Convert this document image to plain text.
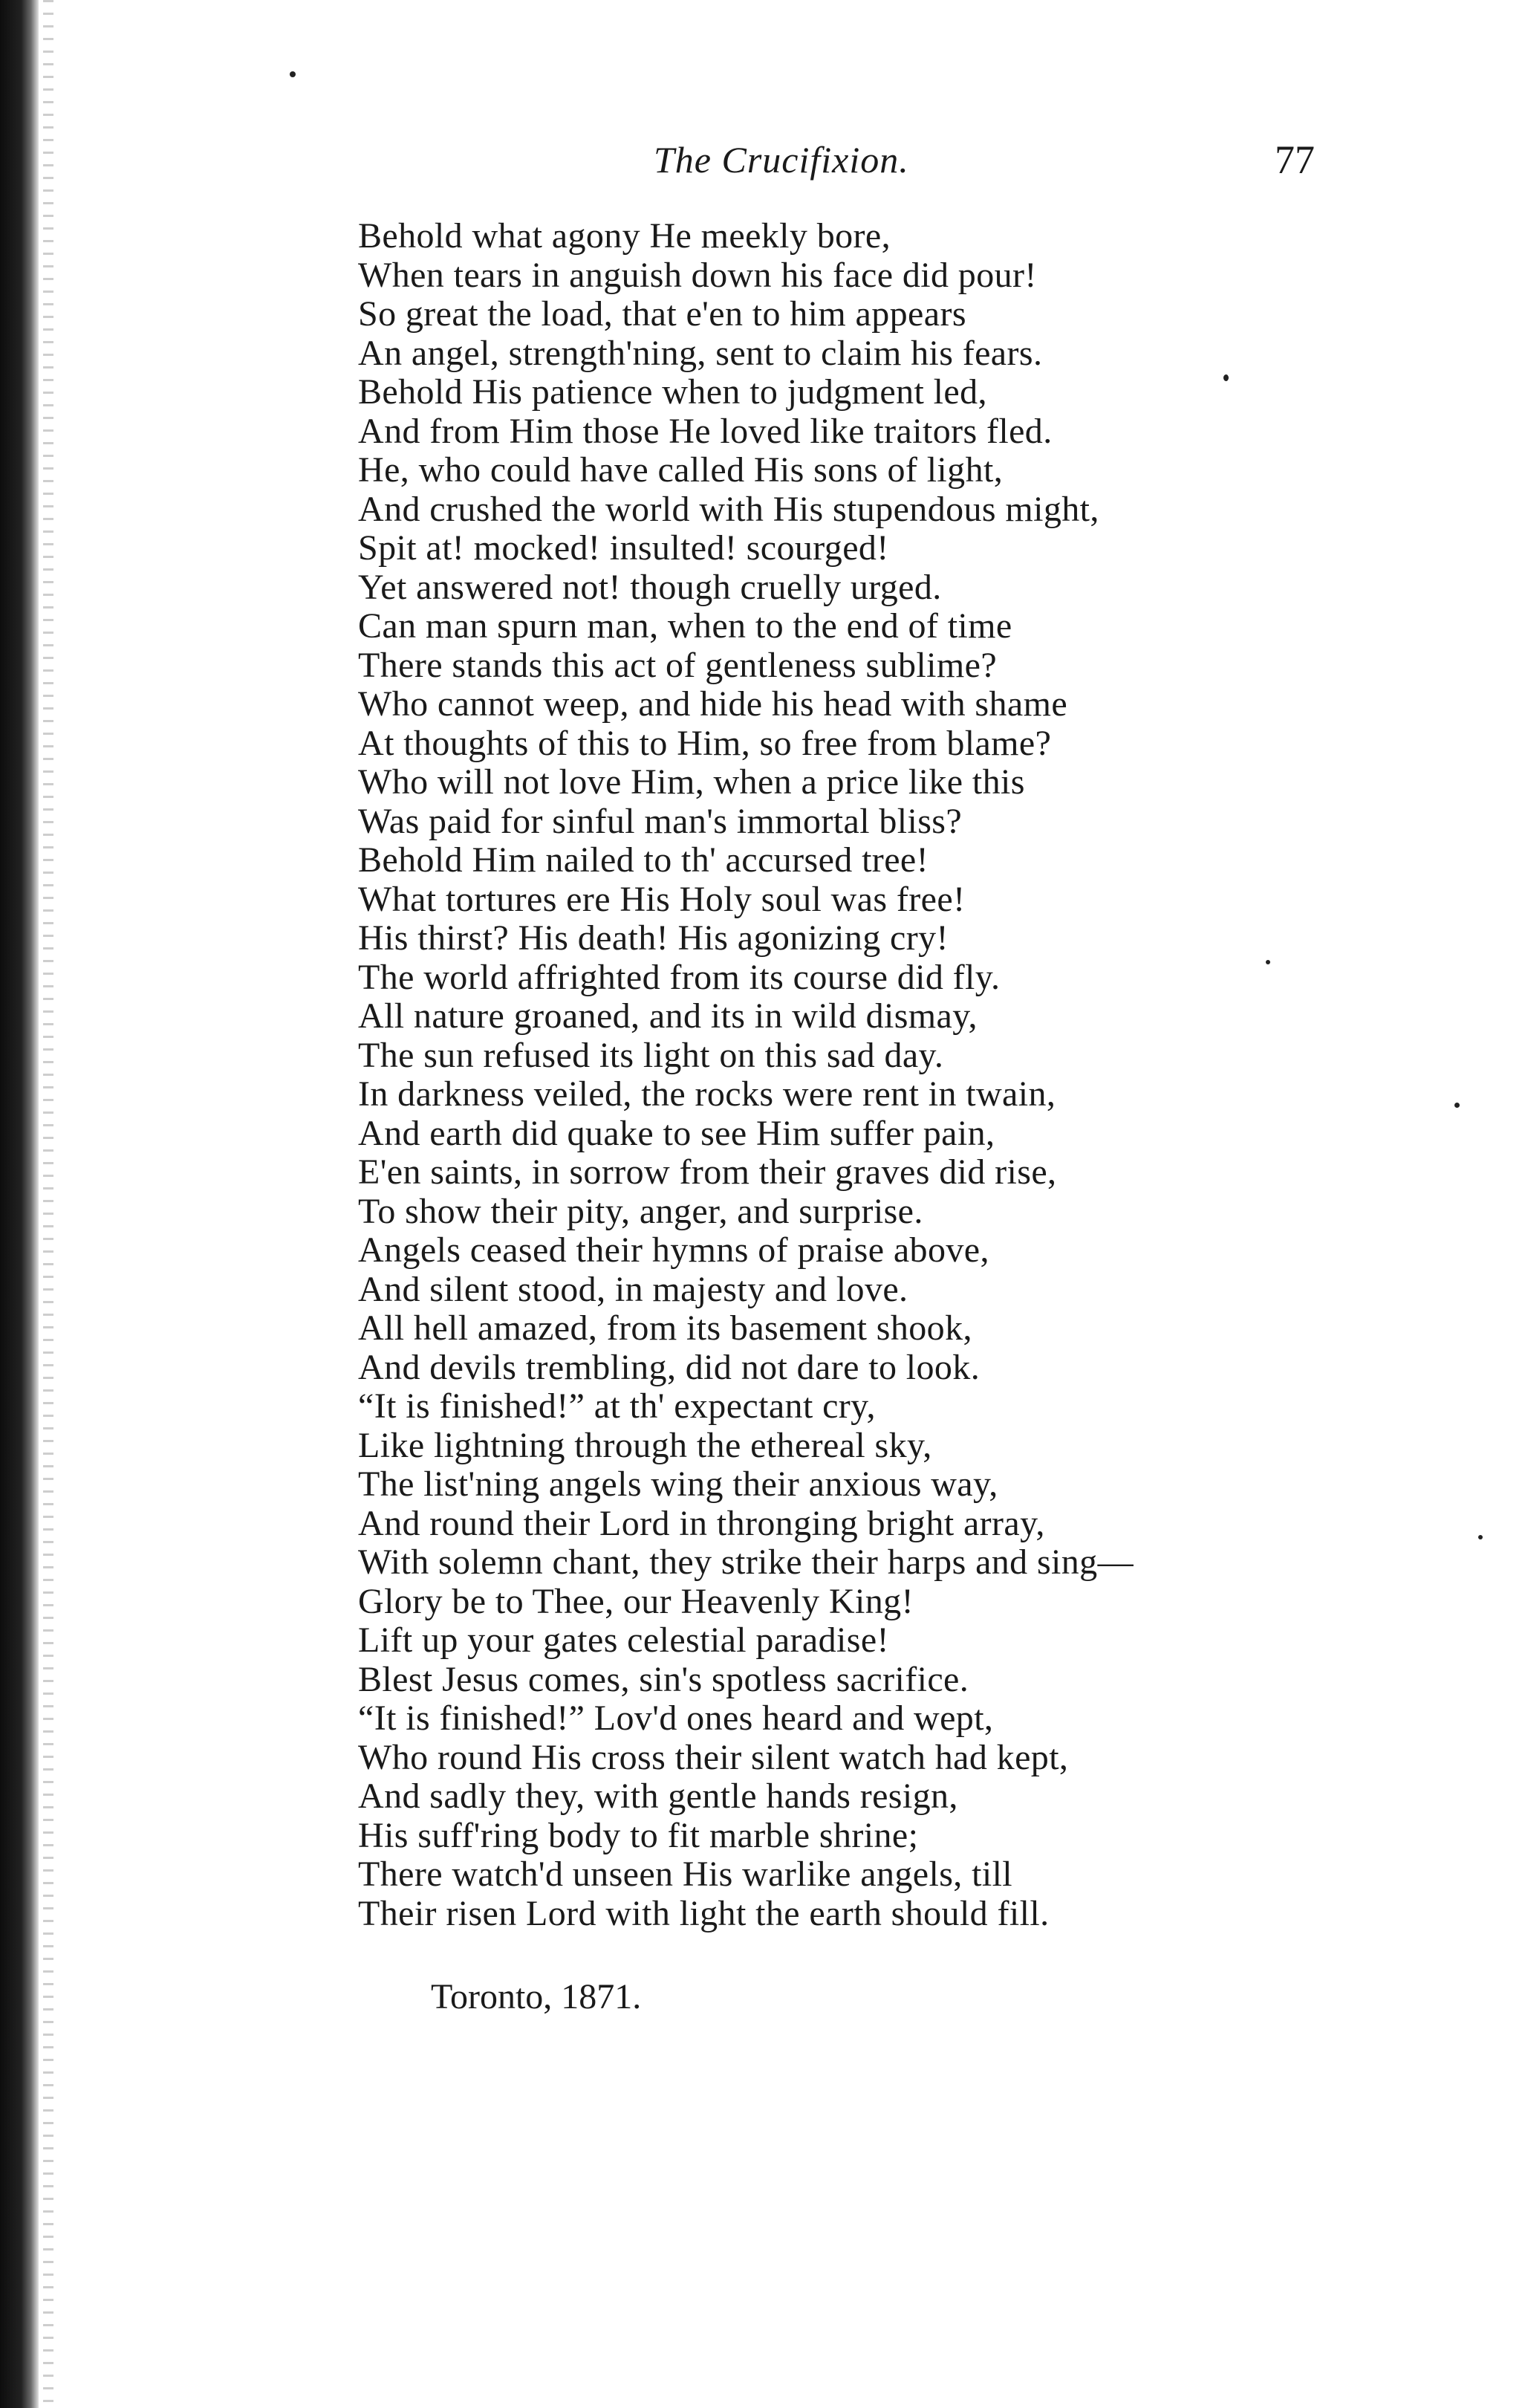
The Crucifixion.	77
Behold what agony He meekly bore,
When tears in anguish down his face did pour!
So great the load, that e'en to him appears
An angel, strength'ning, sent to claim his fears.
Behold His patience when to judgment led,
And from Him those He loved like traitors fled.
He, who could have called His sons of light,
And crushed the world with His stupendous might,
Spit at! mocked! insulted! scourged!
Yet answered not! though cruelly urged.
Can man spurn man, when to the end of time
There stands this act of gentleness sublime?
Who cannot weep, and hide his head with shame
At thoughts of this to Him, so free from blame?
Who will not love Him, when a price like this
Was paid for sinful man's immortal bliss?
Behold Him nailed to th' accursed tree!
What tortures ere His Holy soul was free!
His thirst? His death! His agonizing cry!
The world affrighted from its course did fly.
All nature groaned, and its in wild dismay,
The sun refused its light on this sad day.
In darkness veiled, the rocks were rent in twain,
And earth did quake to see Him suffer pain,
E'en saints, in sorrow from their graves did rise,
To show their pity, anger, and surprise.
Angels ceased their hymns of praise above,
And silent stood, in majesty and love.
All hell amazed, from its basement shook,
And devils trembling, did not dare to look.
“It is finished!” at th' expectant cry,
Like lightning through the ethereal sky,
The list'ning angels wing their anxious way,
And round their Lord in thronging bright array,
With solemn chant, they strike their harps and sing—
Glory be to Thee, our Heavenly King!
Lift up your gates celestial paradise!
Blest Jesus comes, sin's spotless sacrifice.
“It is finished!” Lov'd ones heard and wept,
Who round His cross their silent watch had kept,
And sadly they, with gentle hands resign,
His suff'ring body to fit marble shrine;
There watch'd unseen His warlike angels, till
Their risen Lord with light the earth should fill.
Toronto, 1871.
